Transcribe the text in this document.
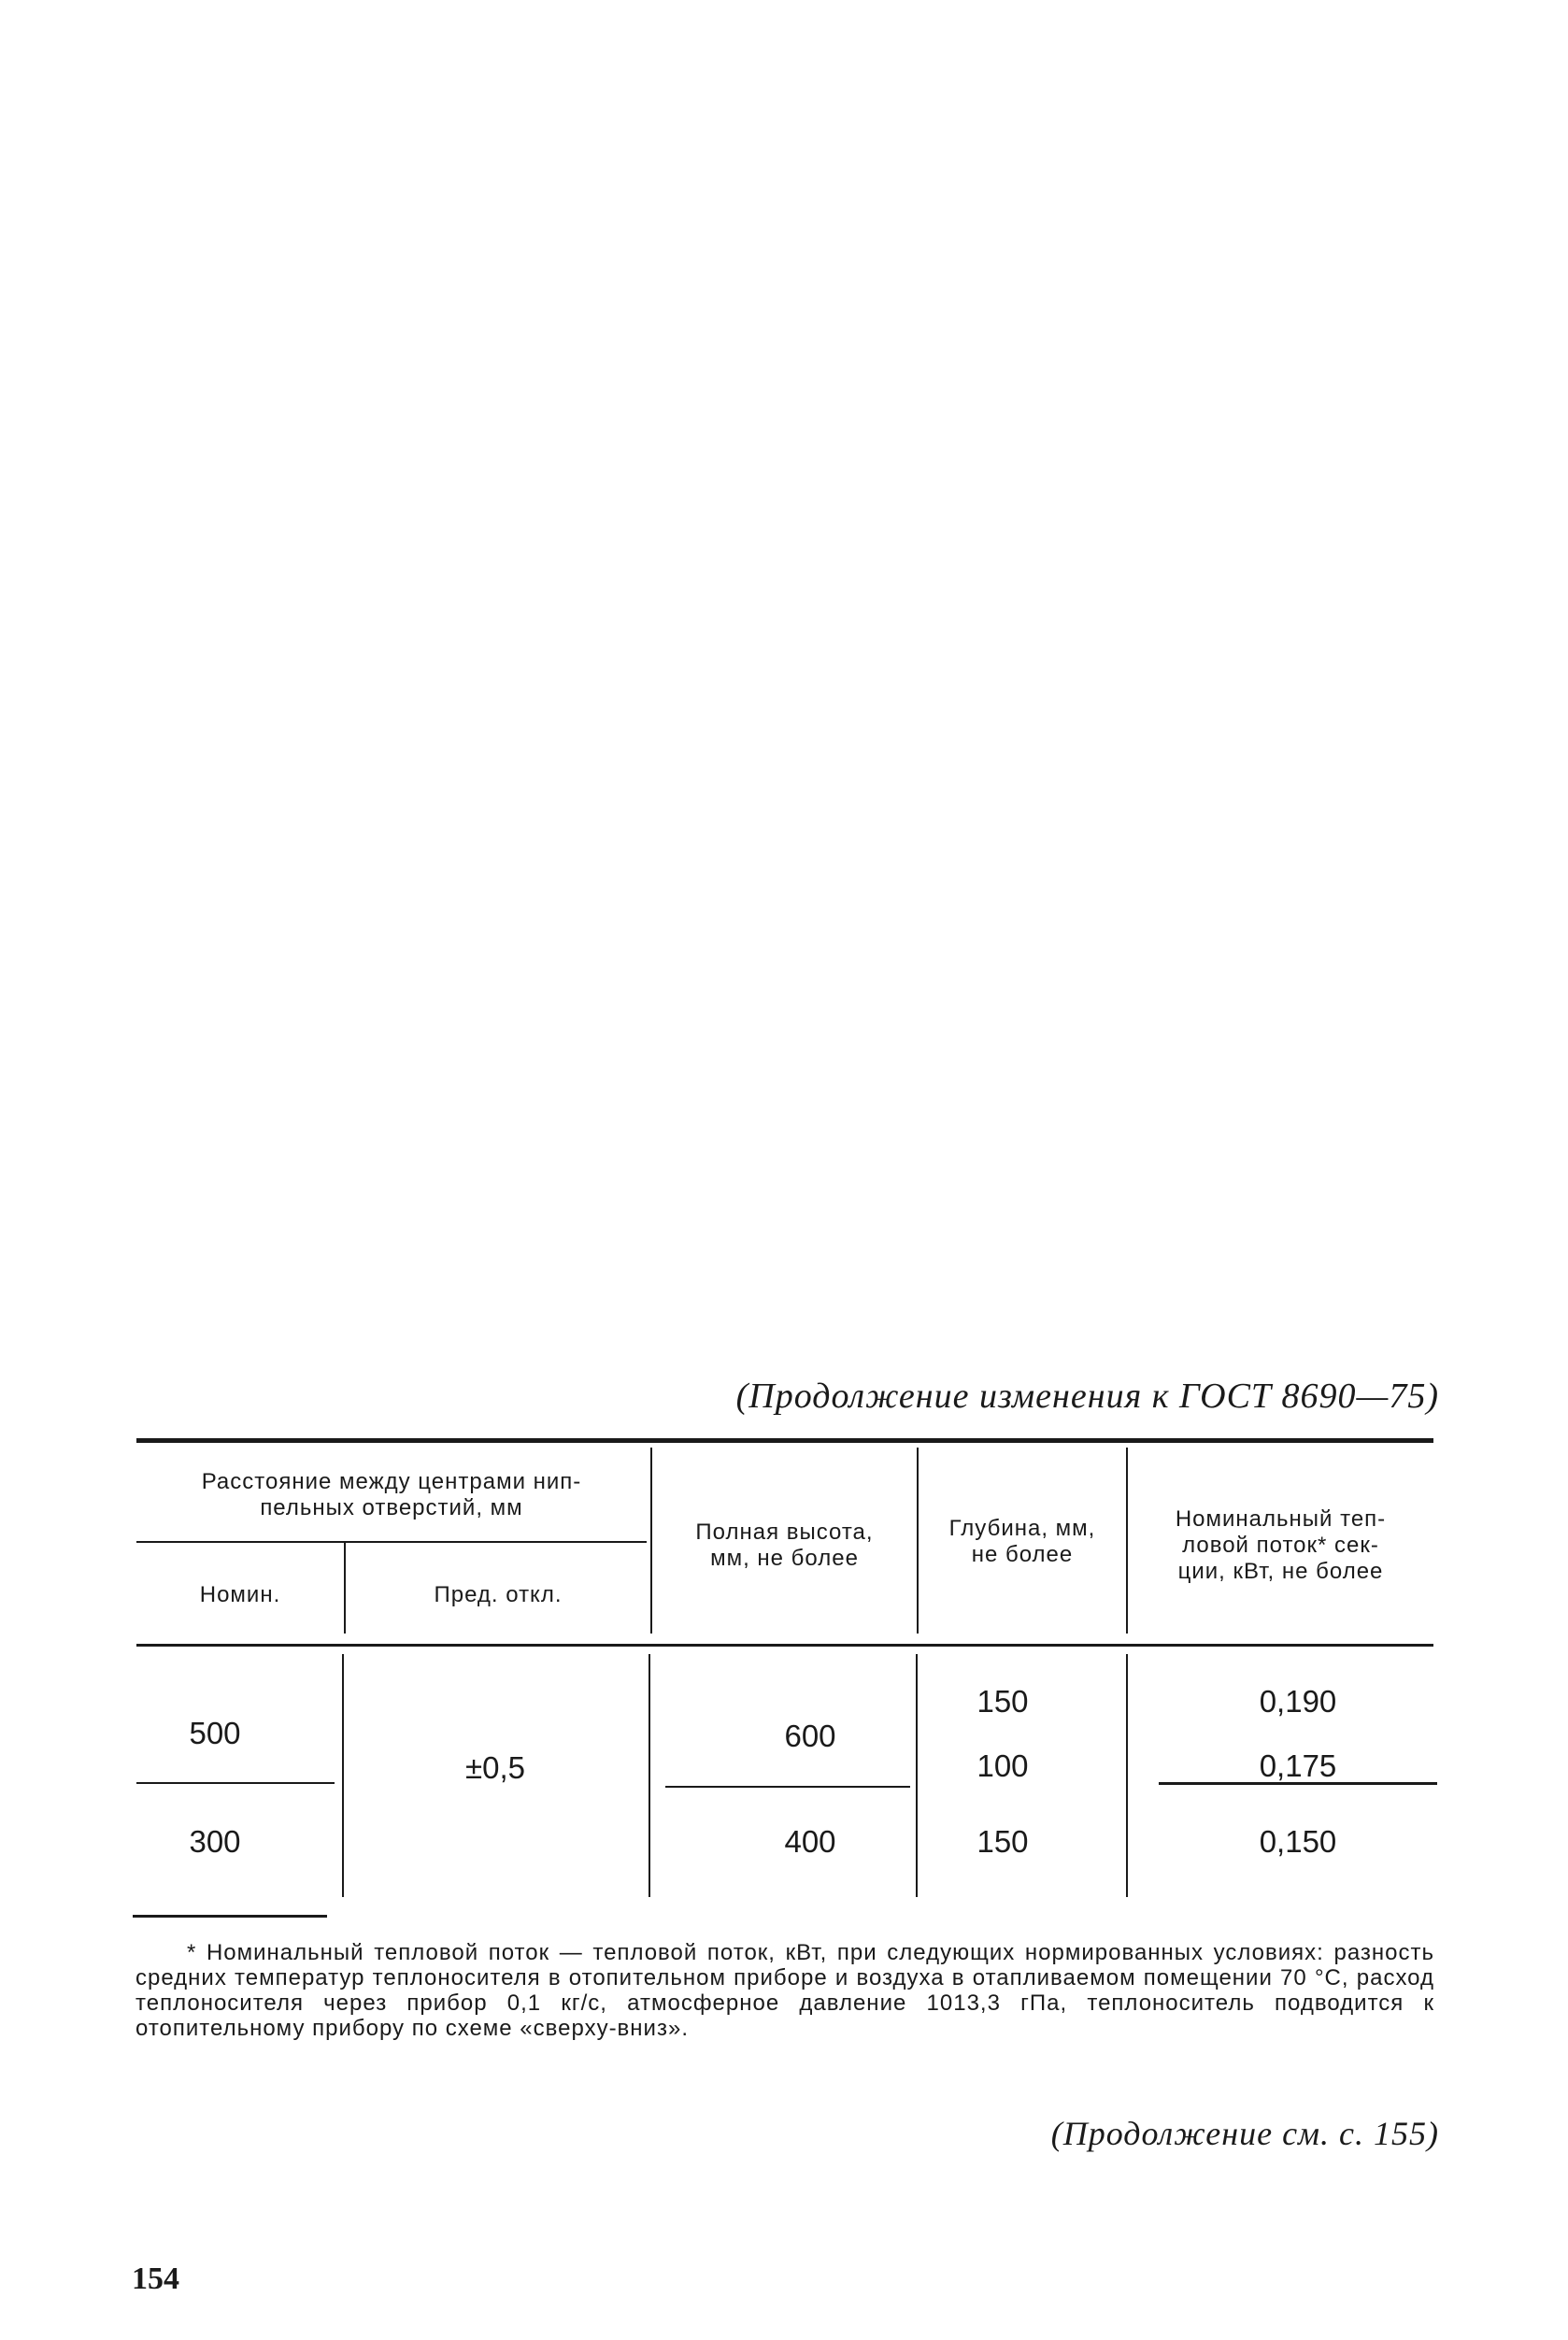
(Продолжение изменения к ГОСТ 8690—75)
Расстояние между центрами нип-
пельных отверстий, мм
Номин.	Пред. откл.
Полная высота,
мм, не более
Глубина, мм,
не более
Номинальный теп-
ловой поток* сек-
ции, кВт, не более
500
300
±0,5
600
400
150
100
150
0,190
0,175
0,150
* Номинальный тепловой поток — тепловой поток, кВт, при следующих нормированных условиях: разность средних температур теплоносителя в отопительном приборе и воздуха в отапливаемом помещении 70 °С, расход теплоносителя через прибор 0,1 кг/с, атмосферное давление 1013,3 гПа, теплоноситель подводится к отопительному прибору по схеме «сверху-вниз».
(Продолжение см. с. 155)
154
